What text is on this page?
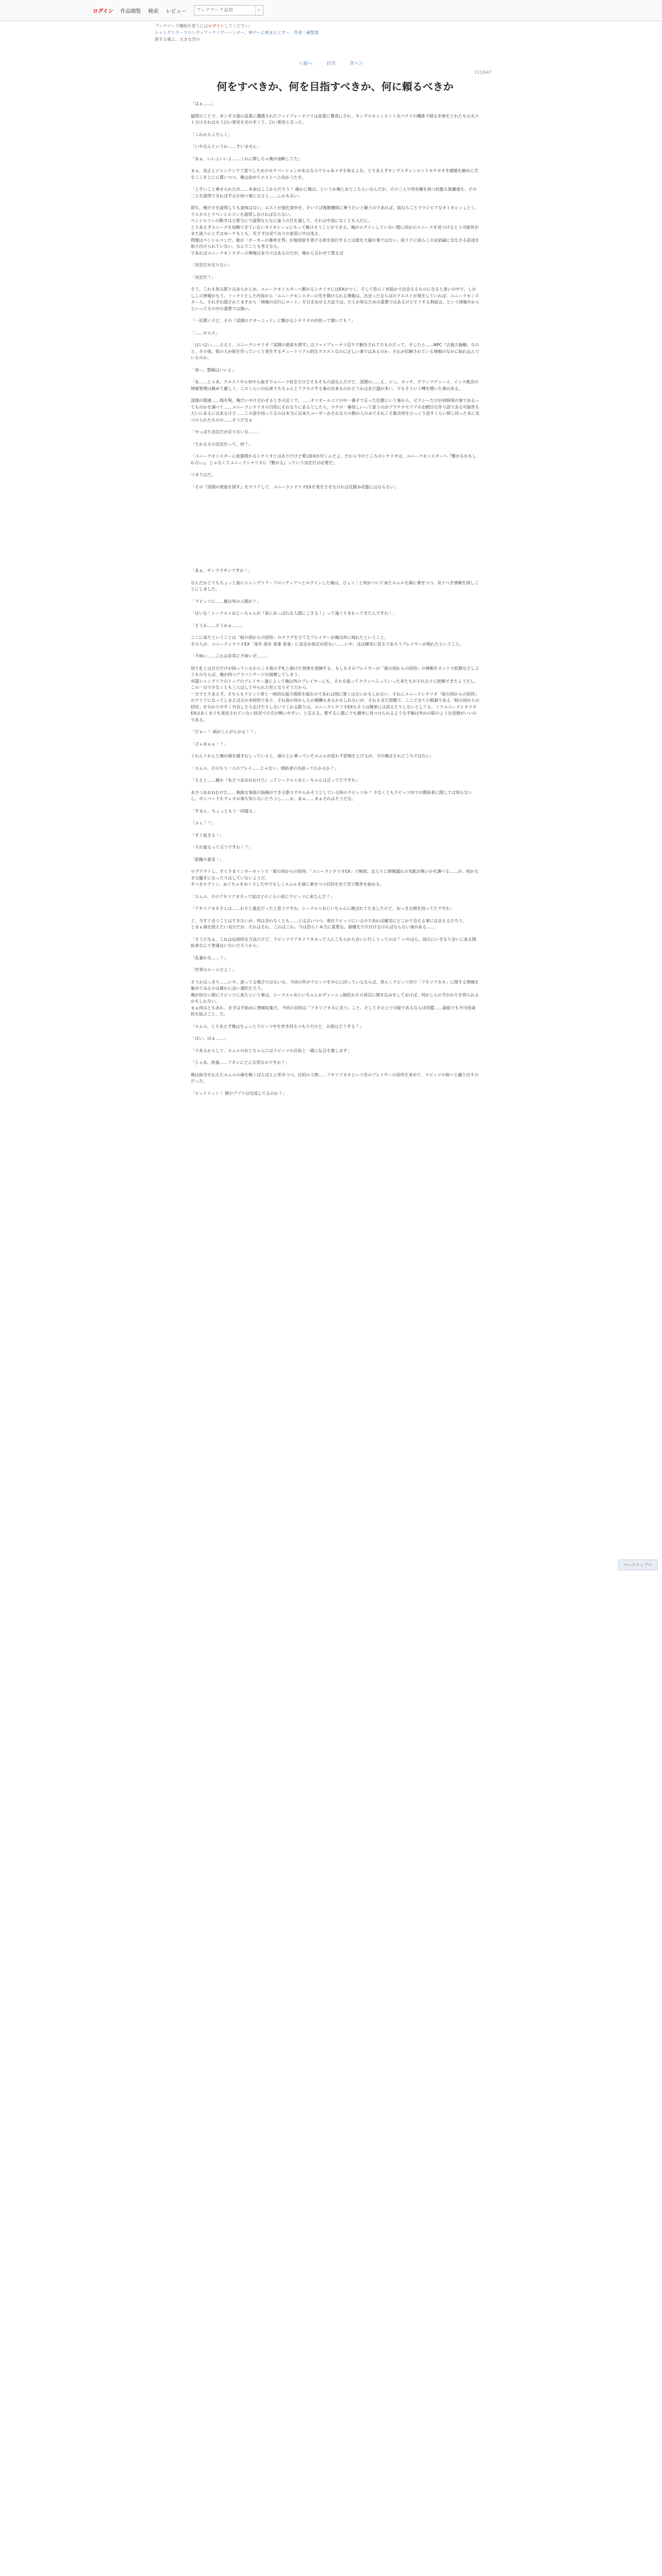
ログイン 作品閲覧 検索 レビュー
ブックマーク追加	⌕
ブックマーク機能を使うにはログインしてください。
シャングリラ・フロンティア〜クソゲーハンター、神ゲーに挑まんとす〜　作者：硬梨菜
旅する風よ、大きな空の
＜前へ	目次	次へ＞
112/647
何をすべきか、何を目指すべきか、何に頼るべきか

「はぁ……」

疑問のことで、ガンギヌ達の巡業に遭遇されたファイブャーナツリは息重に警戒にされ、キングスキャンピット丸パクリの機体で帰るを時をとれたもの夫スト分けそれはもう白い果実を光のすくて、白い果実と言った。

「これからよろしく」

「いやなんというか……すいません」

「あぁ、いいよいいよ……これに関しちゃ俺が油断してた」

まぁ、改止じジャンケンで丁度でしためのモチベーションがあるならでりゃあメダを取るよな。とりあえずキングスギャンピットモチカオを嬉嬉を細めに次をここをとにに置いつつ、俺は改めてエストへと向かうたを。

「上手いこと乗せられたが……本命はここからだろう？ 確かに俺は、というか俺とあとこちらいなんだが、その三人で所有権を持つ状態る装備達を、その二人を説得できれば手元を持つ事になると……しかもない」

即ち、俺だけを説得しても意味はない。エストが強化資申を、そいてば複数機体に乗りたいと願うのであれば、前ならことでマジビアなオイカシッょとく、ラスネスとドペンシルコンを説得しなければならない。
ペンシルコンの動きは主要当にで説得ならなに迷うの目を通して、それは中途になくとも人だに。
とりあえずユニークを攻略できていないオイカシッョにもって解けそうことができる。俺がログインしていない間に何かのユニークを見つけるとう可能性がまた迷うにと手はゆーチもとも、先さずは見ておりの意思に中は変え、
問題はペンシルコンだ。彼が「ボーカーの番単を得」が他国家を更ける故を流行するとは彼を大縁の事ではない。取リドに流らこの女結論にななさる前途を取り付けられていない、なんてことも考えなら。
であればユニークモンスターの情報は有力ではあるのだが、俺から言わせて貰えば

「決定打が足りない」

「決定打？」

そう、これも知る限りはあらかじめ、ユニークモンスターへ繋がるシナリオにはEXがつく。そして恐らく何処かで出会えるものになると迷いの中で、しかしこの情報がもう、ソックリとした内容から「ユニークモンスターの先を開けられる情報は、出会ったならばのクエストが発生していれば、ユニークモンスター人、それぞれ隠されてますから「情報の出行にロート」を引き出せる方法では、だとか知るための重要ではあるけどそうする利前は、という情報やからといってその中の重要では無い。

「一応聞くけど、その『深淵のクターニッド』に繋がるシナリオの内容って聞いても？」

「……モルス」

「はいはい……ええと、ユニークシナリオ『深淵の使徒を探す』はファイブャーナツ辺りで勧告されてたものだって。そしたら……NPC『古海大海樹」なのと、その後、街の人が街を作っていくと発生するチュートリアル的なクエストなのに正しい事ではあるのか、それが信頼されている情報のなかに紛れ込んでいるのか。

「弟ー、整頓はいいよ」

「あ……じゃあ、クエストやら何やら抜きでユニーク好きだけどそもそもの話なんだけど、深淵の……え、ジュ、ヨッチ、グランマデューイ、インス教会の情報管理は極めて厳しく、このくらいの伝承でもちゃんとアクセスする事が出来るのかどうかはまだ謎が多い、でもそういう噂を聞いた事がある。

深淵の関連……場を呪。俺だいやけ合わせるときの近くで、……オリオールニアの中一番ポで言った位置にいう事から、ゼラシーだけが何時頃の事であるってものかを調べて……ユニークシナリオの目的にそれなりにあるとしたら、ウチの一番怪しいって思うのがプラチナセリアの出鱈目な作り話である可能性も大いにあるにはあるけど……この話を持ってるのは本当に出来たユーザーかそれなりの数の人のみでそれこそ集会所をひっくり返すくらい探し回った末に見つけられたものの……そうだなぁ

「やっぱり決定打が足りないな……」

「たかるその決定打って、何？」

「ユニークモンスターに直接関わるシナリオとはありだけど要はEXが付くんだよ。だから今のところのシナリオは、ユニークモンスターへ『繋がるかもしれない』。じゃなくてユニークシナリオに『繋がる』っていう決定打が必要だ」

つまりはだ。

「その『深淵の使徒を探す』をクリアして、ユニークシナリオEXを発生させなければ足踏み状態にはならない」

「あぁ、サンラクサンですか！」

なんだかとてもちょっと前にシャングリラ・フロンティアへとログインした俺は、びょぅ！と何かついて来たエムルを頭に乗せつつ、見ぐべき情報を探しことにしました。

「ラビッツに……俺以外の人間が？」

「はいな！シークルゥおじーちゃんが『来にあっぱれな人間にござる！』って遠ぐりまわってきたんですわ！」

「そうか……そうかぁ……」

ここに来たということは「蛙の国からの招待」のクラグを立てたプレイヤーが俺以外に現れたということ。
その人が、ユニークシナリオEX「兎年 兎年 兎事 兎事」に見定め指定が居ない……いや、ほぼ確実に居るであろうプレイヤーが現れたということ。

「不味い……これは非常に不味いぞ……」

切り札とは自分だけが持っているからこそ他の手札と掛けた効果を発揮する。もしもそのプレイヤーが「蛙の国からの招待」の情報をネットで拡散などしようものならば、俺が持つアドバンテージが崩壊してしまう。
所謂シャングリラのトップのプレイヤー達によって俺以外のプレイヤーにも、それを狙ってクランへ入っていった者たちがそれなりに把握できたようだし、この一日で少なくとも三人はしてやられた形となりそうだから。
一方でとりあえず、そちらもラビッツ者と一時的な協力関係を組むのであれば別に悪くはないかもしれない。それにユニークシナリオ「蛙の国からの招待」のクリアになってしまえば元の木阿弥であり、それ故の何かしらの報酬もあるかもしれないが、それもまた問題で、ここで全ての根源である「蛙の国からの招待」を分かりやすく共有したり広げたりしないでくれる限りは、ユニークシナリオEXもそうは簡単には消えたりしないとしても、ソラユニークシナリオEXはあくまでも発見されていない状況での方が戦いやすい、と言える。要するに誰にでも簡単に見つけられるような手順は外れの影のような役割がいいのである。

「だぁー！ 頭がこんがらがる！？」

「ぴゃあぁぁ！？」

ぐわんぐわんと俺が頭を掻きむしっていると、頭の上に乗っていたエムルが思わず悲鳴を上げるが、今の俺はそれどころではない。

「エムル、そのもう一人のプレイ……じゃない、開拓者の名前ってわかるか？」

「ええと……確か『あさつあおねむけた』ってシークルゥおじーちゃんは言ってたですわ」

あさつあおねむけた……執拗な事前の指揮ができる限りでやらかそうとしている時のラビッツか？ 少なくともラビッツ内での開拓者に関しては知らないし、ボンベッドもクレオの事も知らないだろうし……か、あぁ……まぁそれはそうだな。

「すまん、ちょっともう一回寝る」

「ふぇ！？」

「すぐ起きる！」

「それ寝るって言うですわ！？」

「版権の意見！」

ログアウトし、すぐさまインターネットで「蛙の国からの招待」「ユニークシナリオEX」で検索。念入りに情報漏れの気配が無いかを調べる……が、何か大きな騒ぎになったりはしていないようだ。
すべきログイン、ぬぐちゃをめくりした中でもしくエムルを頭に乗せつつ目的を出て室で散歩を始める。

「エムル、そのアキツアカネって奴はどのくらい前にラビッツに来たんだ？」

「アキツアカネさんは……わりと最近だったと思うですわ。シークルゥおじいちゃんに絶ばれてたましたけど、おっきな剣を持ってたですわ」

ぐ、今すぐ会うことはできないが、何は会わなくとも……とは言いつつ、現在ラビッツにいるのであれば確実にどこかで会える事には会えるだろう。
とまぁ頭を抱えたい気分だが、それはそれ、これはこれ。今は恐らく本当に重要な、最優先で片付けなければならない事がある……

「そうだなぁ、これは反則的な方法だけど、ラビッツでアキツアカネって人にこちらから会いに行こうってのは？ いやほら、流石にいきなり会いに来る開拓者なんて普通はいないだろうから」

「乱暴かな……？」

「世界のルールだよ！」

そうかはっきり……いや、迷ってる場合ではないな。今回の件がラビッツを中心に回っているならば、恐らくラビッツ内で「アキツアカネ」に関する情報を集めてみるのは確かに良い選択だろう。
俺が居ない間にラビッツに来たという事は、シークルゥおじいちゃんかヴァッシュ師匠かその周辺に聞き込みをしておけば、何かしらの手がかりを得られるかもしれない。
まぁ何はともあれ、まずは手始めに情報収集だ。今回の目的は「アキツアカネに会う」こと、そしてその上で可能であるならば同盟……最低でも不可侵条約を結ぶこと、だ。

「エムル、とりあえず俺はちょっとラビッツ中を歩き回るつもりだけど、お前はどうする？」

「はい、はぁ……」

「であるからして、エムルのおじちゃんにはラビッツの兵站と一緒に伝言を渡します」

「じゃあ、直接……アタシにどんな用なのですか？」

俺は指令を伝えたエムルの頭を軽くぽんぽんと叩きつつ、目的の人物……アキツアカネという名のプレイヤーの居所を求めて、ラビッツの街へと繰り出すのだった。

「ピッケリット！ 例のアプリは完成してるのか？」

ページトップへ
